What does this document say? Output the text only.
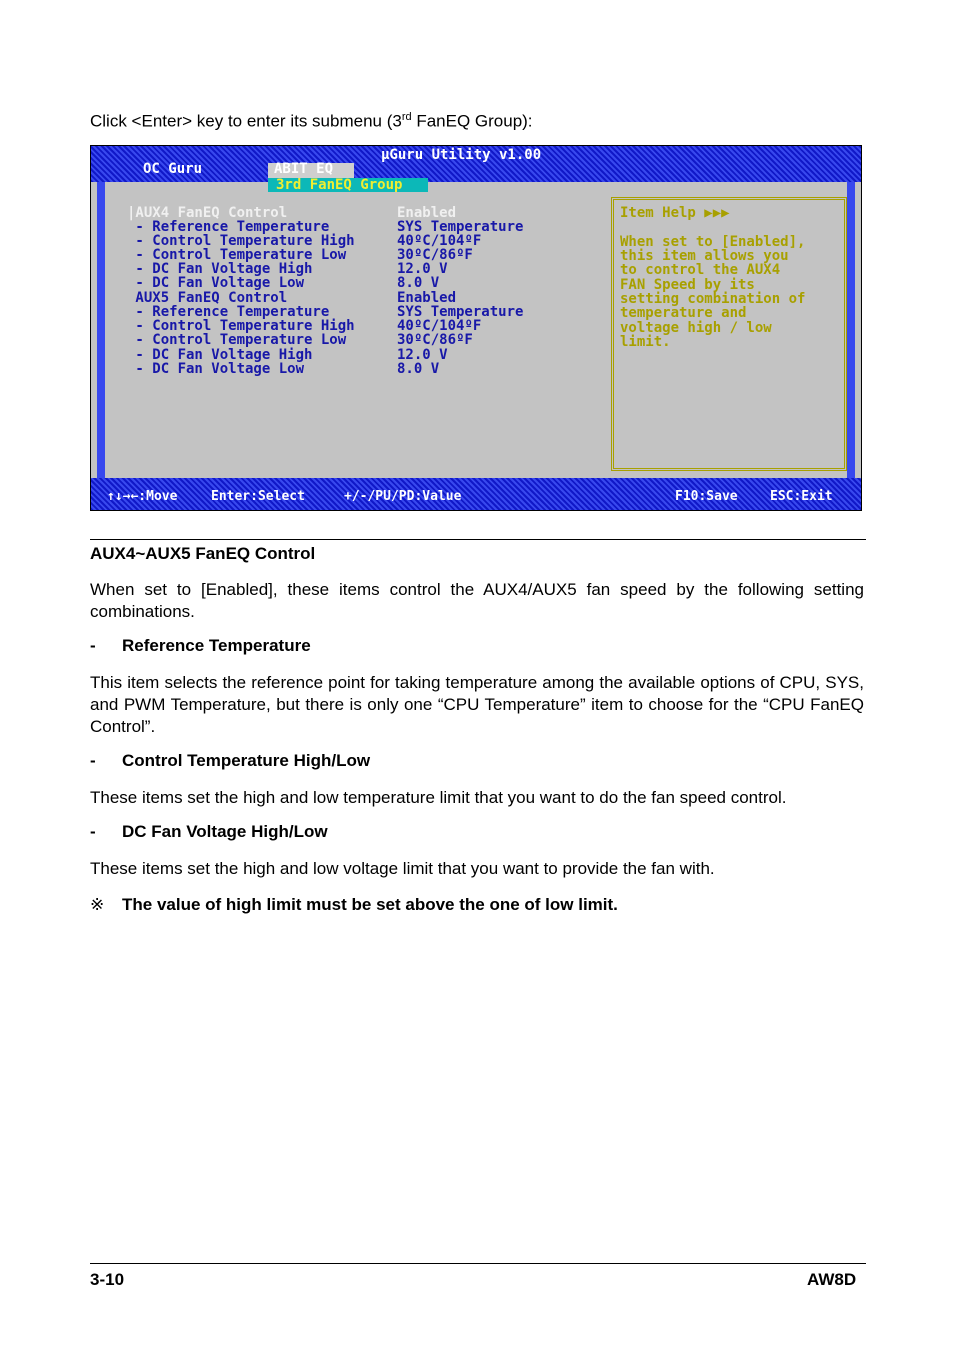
Click <Enter> key to enter its submenu (3rd FanEQ Group):
µGuru Utility v1.00
OC Guru	ABIT EQ
3rd FanEQ Group
|AUX4 FanEQ Control	Enabled
- Reference Temperature	SYS Temperature
- Control Temperature High	40ºC/104ºF
- Control Temperature Low	30ºC/86ºF
- DC Fan Voltage High	12.0 V
- DC Fan Voltage Low	8.0 V
AUX5 FanEQ Control	Enabled
- Reference Temperature	SYS Temperature
- Control Temperature High	40ºC/104ºF
- Control Temperature Low	30ºC/86ºF
- DC Fan Voltage High	12.0 V
- DC Fan Voltage Low	8.0 V
Item Help ▶▶▶
When set to [Enabled],
this item allows you
to control the AUX4
FAN Speed by its
setting combination of
temperature and
voltage high / low
limit.
↑↓→←:Move	Enter:Select	+/-/PU/PD:Value	F10:Save ESC:Exit
AUX4~AUX5 FanEQ Control
When set to [Enabled], these items control the AUX4/AUX5 fan speed by the following setting combinations.
- Reference Temperature
This item selects the reference point for taking temperature among the available options of CPU, SYS, and PWM Temperature, but there is only one “CPU Temperature” item to choose for the “CPU FanEQ Control”.
- Control Temperature High/Low
These items set the high and low temperature limit that you want to do the fan speed control.
- DC Fan Voltage High/Low
These items set the high and low voltage limit that you want to provide the fan with.
※ The value of high limit must be set above the one of low limit.
3-10	AW8D
